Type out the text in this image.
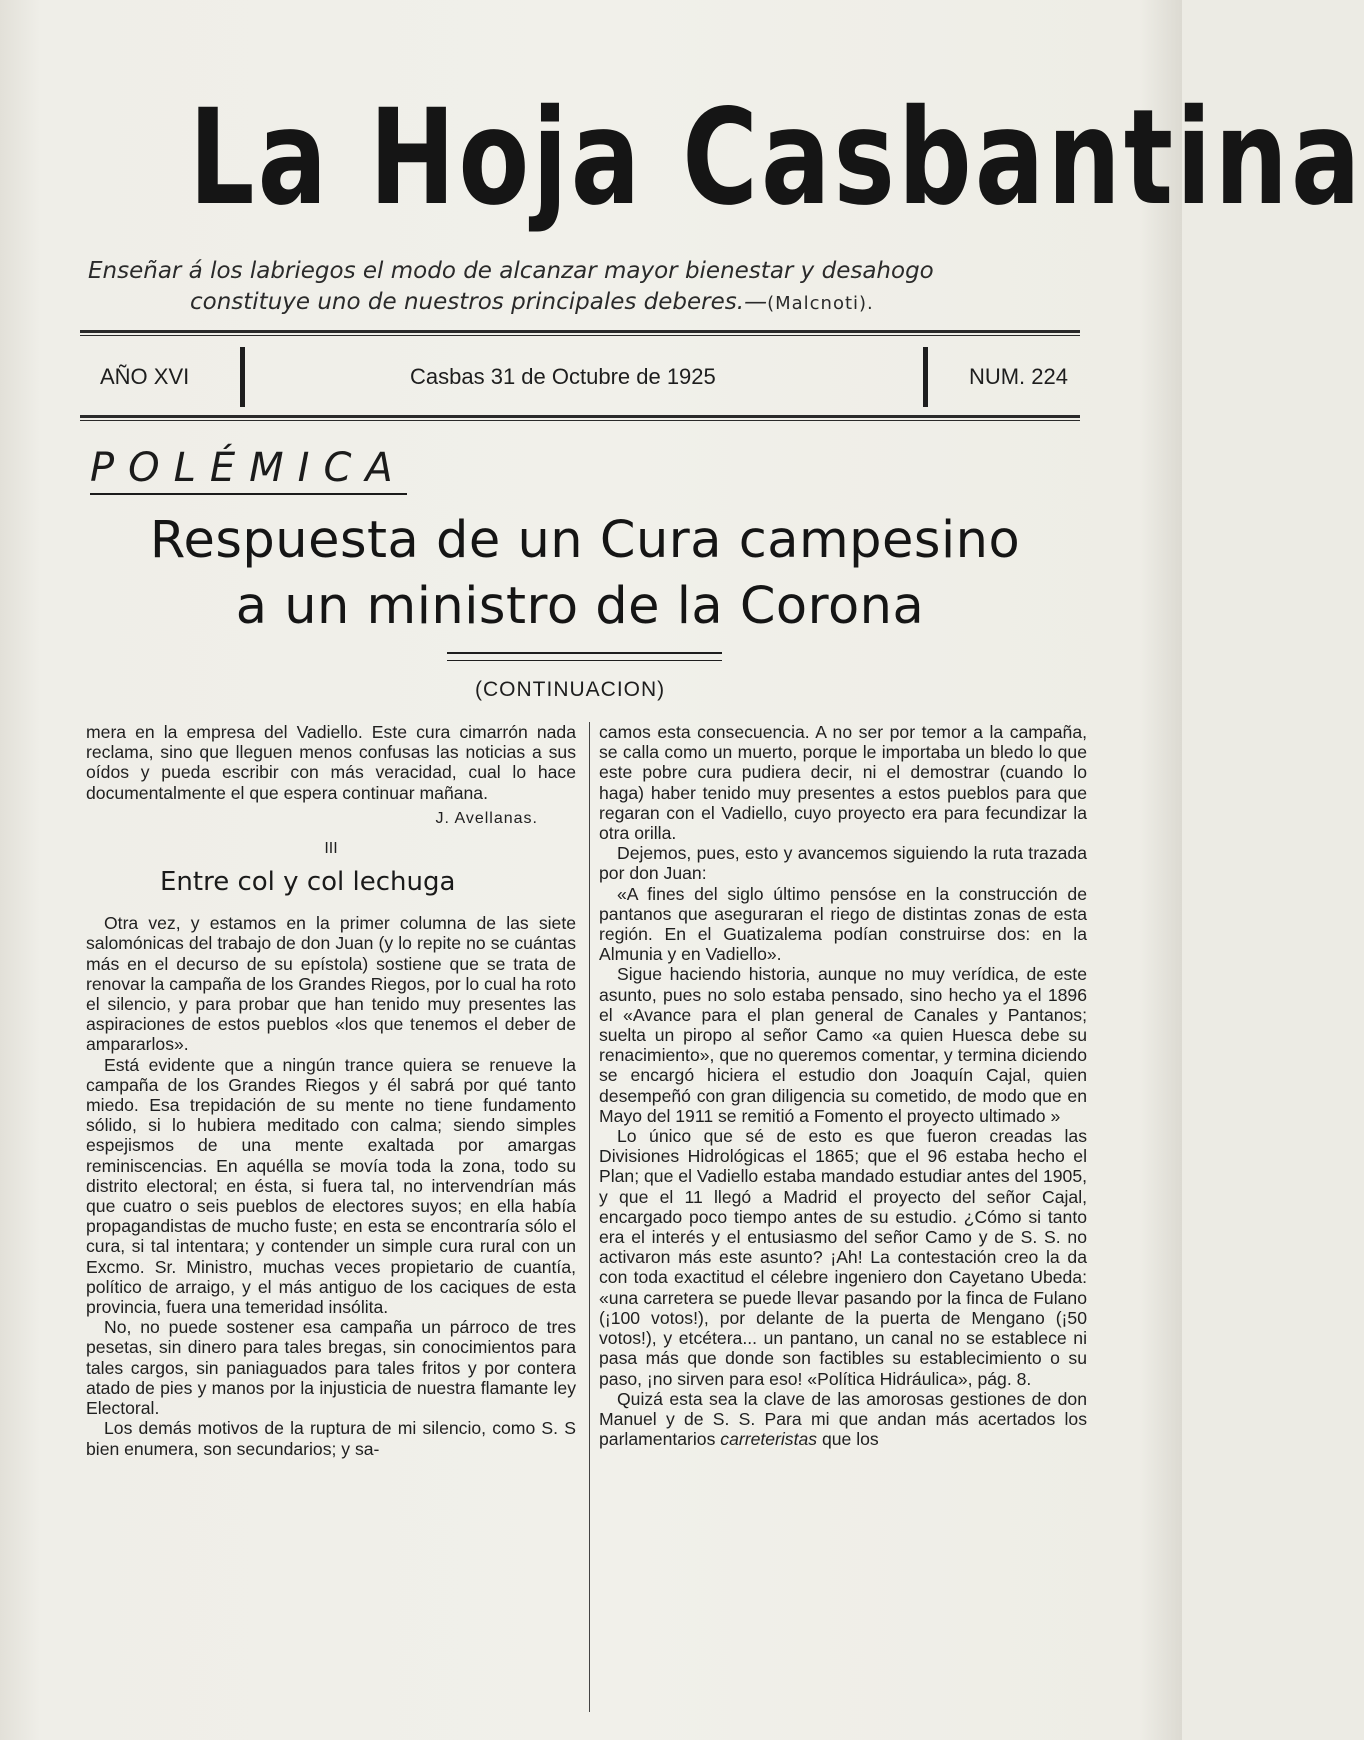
La Hoja Casbantina
Enseñar á los labriegos el modo de alcanzar mayor bienestar y desahogo
constituye uno de nuestros principales deberes.—(Malcnoti).
AÑO XVI	Casbas 31 de Octubre de 1925	NUM. 224
POLÉMICA
Respuesta de un Cura campesino
a un ministro de la Corona
(CONTINUACION)

mera en la empresa del Vadiello. Este cura cimarrón nada reclama, sino que lleguen menos confusas las noticias a sus oídos y pueda escribir con más veracidad, cual lo hace documentalmente el que espera continuar mañana.

J. Avellanas.
III
Entre col y col lechuga

Otra vez, y estamos en la primer columna de las siete salomónicas del trabajo de don Juan (y lo repite no se cuántas más en el decurso de su epístola) sostiene que se trata de renovar la campaña de los Grandes Riegos, por lo cual ha roto el silencio, y para probar que han tenido muy presentes las aspiraciones de estos pueblos «los que tenemos el deber de ampararlos».

Está evidente que a ningún trance quiera se renueve la campaña de los Grandes Riegos y él sabrá por qué tanto miedo. Esa trepidación de su mente no tiene fundamento sólido, si lo hubiera meditado con calma; siendo simples espejismos de una mente exaltada por amargas reminiscencias. En aquélla se movía toda la zona, todo su distrito electoral; en ésta, si fuera tal, no intervendrían más que cuatro o seis pueblos de electores suyos; en ella había propagandistas de mucho fuste; en esta se encontraría sólo el cura, si tal intentara; y contender un simple cura rural con un Excmo. Sr. Ministro, muchas veces propietario de cuantía, político de arraigo, y el más antiguo de los caciques de esta provincia, fuera una temeridad insólita.

No, no puede sostener esa campaña un párroco de tres pesetas, sin dinero para tales bregas, sin conocimientos para tales cargos, sin paniaguados para tales fritos y por contera atado de pies y manos por la injusticia de nuestra flamante ley Electoral.

Los demás motivos de la ruptura de mi silencio, como S. S bien enumera, son secundarios; y sa-

camos esta consecuencia. A no ser por temor a la campaña, se calla como un muerto, porque le importaba un bledo lo que este pobre cura pudiera decir, ni el demostrar (cuando lo haga) haber tenido muy presentes a estos pueblos para que regaran con el Vadiello, cuyo proyecto era para fecundizar la otra orilla.

Dejemos, pues, esto y avancemos siguiendo la ruta trazada por don Juan:

«A fines del siglo último pensóse en la construcción de pantanos que aseguraran el riego de distintas zonas de esta región. En el Guatizalema podían construirse dos: en la Almunia y en Vadiello».

Sigue haciendo historia, aunque no muy verídica, de este asunto, pues no solo estaba pensado, sino hecho ya el 1896 el «Avance para el plan general de Canales y Pantanos; suelta un piropo al señor Camo «a quien Huesca debe su renacimiento», que no queremos comentar, y termina diciendo se encargó hiciera el estudio don Joaquín Cajal, quien desempeñó con gran diligencia su cometido, de modo que en Mayo del 1911 se remitió a Fomento el proyecto ultimado »

Lo único que sé de esto es que fueron creadas las Divisiones Hidrológicas el 1865; que el 96 estaba hecho el Plan; que el Vadiello estaba mandado estudiar antes del 1905, y que el 11 llegó a Madrid el proyecto del señor Cajal, encargado poco tiempo antes de su estudio. ¿Cómo si tanto era el interés y el entusiasmo del señor Camo y de S. S. no activaron más este asunto? ¡Ah! La contestación creo la da con toda exactitud el célebre ingeniero don Cayetano Ubeda: «una carretera se puede llevar pasando por la finca de Fulano (¡100 votos!), por delante de la puerta de Mengano (¡50 votos!), y etcétera... un pantano, un canal no se establece ni pasa más que donde son factibles su establecimiento o su paso, ¡no sirven para eso! «Política Hidráulica», pág. 8.

Quizá esta sea la clave de las amorosas gestiones de don Manuel y de S. S. Para mi que andan más acertados los parlamentarios carreteristas que los
